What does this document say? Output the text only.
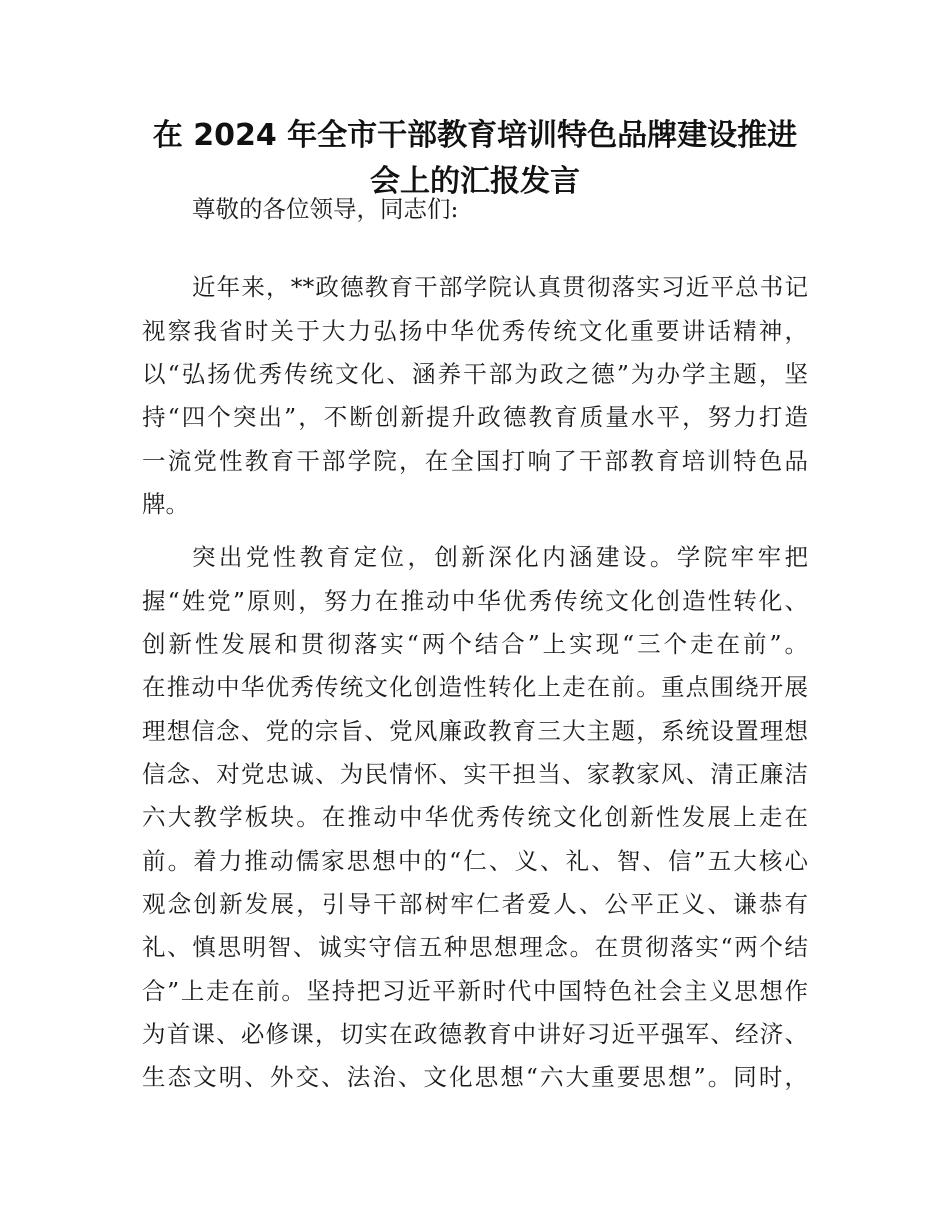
在 2024 年全市干部教育培训特色品牌建设推进
会上的汇报发言
尊敬的各位领导，同志们:
近年来，**政德教育干部学院认真贯彻落实习近平总书记
视察我省时关于大力弘扬中华优秀传统文化重要讲话精神，
以“弘扬优秀传统文化、涵养干部为政之德”为办学主题，坚
持“四个突出”，不断创新提升政德教育质量水平，努力打造
一流党性教育干部学院，在全国打响了干部教育培训特色品
牌。
突出党性教育定位，创新深化内涵建设。学院牢牢把
握“姓党”原则，努力在推动中华优秀传统文化创造性转化、
创新性发展和贯彻落实“两个结合”上实现“三个走在前”。
在推动中华优秀传统文化创造性转化上走在前。重点围绕开展
理想信念、党的宗旨、党风廉政教育三大主题，系统设置理想
信念、对党忠诚、为民情怀、实干担当、家教家风、清正廉洁
六大教学板块。在推动中华优秀传统文化创新性发展上走在
前。着力推动儒家思想中的“仁、义、礼、智、信”五大核心
观念创新发展，引导干部树牢仁者爱人、公平正义、谦恭有
礼、慎思明智、诚实守信五种思想理念。在贯彻落实“两个结
合”上走在前。坚持把习近平新时代中国特色社会主义思想作
为首课、必修课，切实在政德教育中讲好习近平强军、经济、
生态文明、外交、法治、文化思想“六大重要思想”。同时，
